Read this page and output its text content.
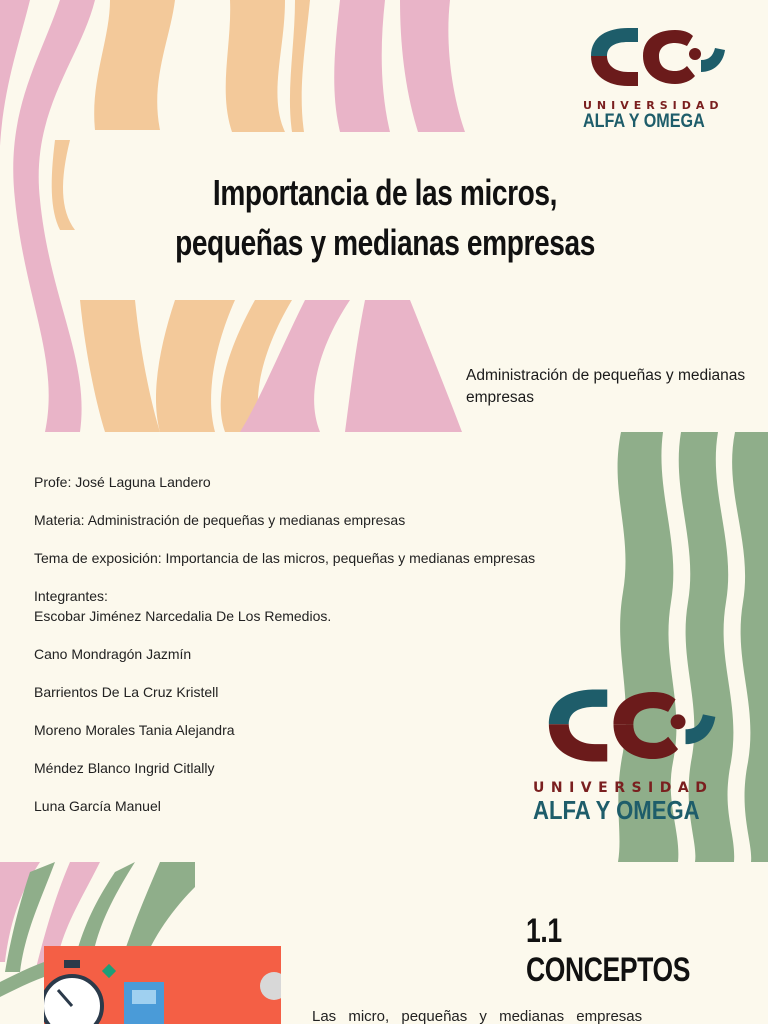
UNIVERSIDAD
ALFA Y OMEGA
Importancia de las micros, pequeñas y medianas empresas
Administración de pequeñas y medianas empresas
UNIVERSIDAD
ALFA Y OMEGA

Profe: José Laguna Landero

Materia: Administración de pequeñas y medianas empresas

Tema de exposición: Importancia de las micros, pequeñas y medianas empresas

Integrantes:
Escobar Jiménez Narcedalia De Los Remedios.

Cano Mondragón Jazmín

Barrientos De La Cruz Kristell

Moreno Morales Tania Alejandra

Méndez Blanco Ingrid Citlally

Luna García Manuel

1.1 CONCEPTOS
Las micro, pequeñas y medianas empresas
